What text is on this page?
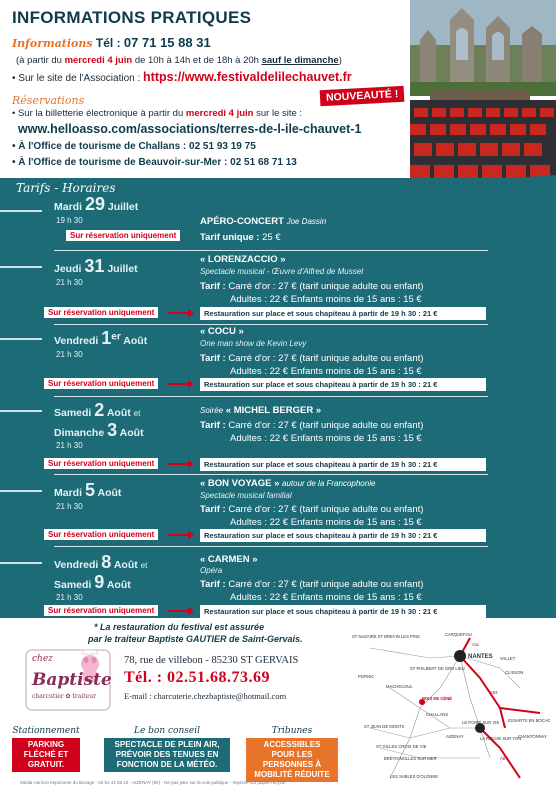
INFORMATIONS PRATIQUES
Informations Tél : 07 71 15 88 31
(à partir du mercredi 4 juin de 10h à 14h et de 18h à 20h sauf le dimanche)
• Sur le site de l'Association : https://www.festivaldelilechauvet.fr
NOUVEAUTÉ !
Réservations
• Sur la billetterie électronique à partir du mercredi 4 juin sur le site :
www.helloasso.com/associations/terres-de-l-ile-chauvet-1
• À l'Office de tourisme de Challans : 02 51 93 19 75
• À l'Office de tourisme de Beauvoir-sur-Mer : 02 51 68 71 13
Tarifs - Horaires
Mardi 29 Juillet
19 h 30
Sur réservation uniquement
APÉRO-CONCERT Joe Dassin
Tarif unique : 25 €
Jeudi 31 Juillet
21 h 30
« LORENZACCIO »
Spectacle musical - Œuvre d'Alfred de Musset
Tarif : Carré d'or : 27 € (tarif unique adulte ou enfant)
Adultes : 22 € Enfants moins de 15 ans : 15 €
Sur réservation uniquement	Restauration sur place et sous chapiteau à partir de 19 h 30 : 21 €
Vendredi 1er Août
21 h 30
« COCU »
One man show de Kevin Levy
Tarif : Carré d'or : 27 € (tarif unique adulte ou enfant)
Adultes : 22 € Enfants moins de 15 ans : 15 €
Sur réservation uniquement	Restauration sur place et sous chapiteau à partir de 19 h 30 : 21 €
Samedi 2 Août et
Dimanche 3 Août
21 h 30
Soirée « MICHEL BERGER »
Tarif : Carré d'or : 27 € (tarif unique adulte ou enfant)
Adultes : 22 € Enfants moins de 15 ans : 15 €
Sur réservation uniquement	Restauration sur place et sous chapiteau à partir de 19 h 30 : 21 €
Mardi 5 Août
21 h 30
« BON VOYAGE » autour de la Francophonie
Spectacle musical familial
Tarif : Carré d'or : 27 € (tarif unique adulte ou enfant)
Adultes : 22 € Enfants moins de 15 ans : 15 €
Sur réservation uniquement	Restauration sur place et sous chapiteau à partir de 19 h 30 : 21 €
Vendredi 8 Août et
Samedi 9 Août
21 h 30
« CARMEN »
Opéra
Tarif : Carré d'or : 27 € (tarif unique adulte ou enfant)
Adultes : 22 € Enfants moins de 15 ans : 15 €
Sur réservation uniquement	Restauration sur place et sous chapiteau à partir de 19 h 30 : 21 €
* La restauration du festival est assurée
par le traiteur Baptiste GAUTIER de Saint-Gervais.
chez
Baptiste
charcutier ✿ traiteur
78, rue de villebon - 85230 ST GERVAIS
Tél. : 02.51.68.73.69
E-mail : charcuterie.chezbaptiste@hotmail.com
ST NAZAIRE ST BREVIN LES PINS	CARQUEFOU
NANTES VALLET
CLISSON
ST PHILBERT DE GRD LIEU
PORNIC
MACHECOUL
BOIS DE CÉNÉ
CHALLANS
ST JEAN DE MONTS
AIZENAY
LE POIRÉ SUR VIE
LA ROCHE SUR YON
ST GILLES CROIX DE VIE
BRÉTIGNOLLES SUR MER
LES SABLES D'OLONNE
ESSARTS EN BOCAGE
CHANTONNAY
A11
A83
A87
Stationnement
PARKING FLÉCHÉ ET GRATUIT.
Le bon conseil
SPECTACLE DE PLEIN AIR, PRÉVOIR DES TENUES EN FONCTION DE LA MÉTÉO.
Tribunes
ACCESSIBLES POUR LES PERSONNES À MOBILITÉ RÉDUITE
Média Horizon Imprimerie du Bocage - 02 51 41 59 10 - AIZENAY (85) - Ne pas jeter sur la voie publique - Imprimé sur papier recyclé
